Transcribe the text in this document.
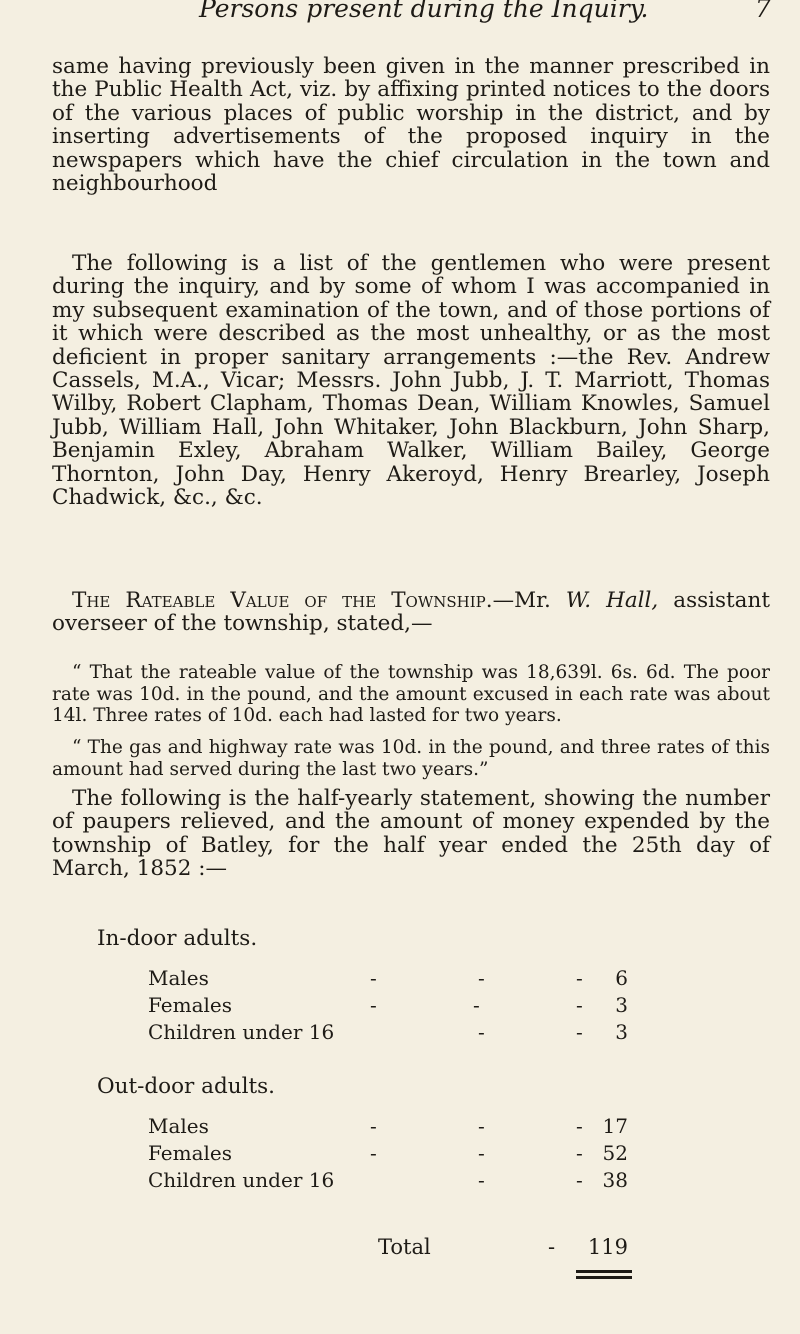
Persons present during the Inquiry.	7

same having previously been given in the manner prescribed in the Public Health Act, viz. by affixing printed notices to the doors of the various places of public worship in the district, and by inserting advertisements of the proposed inquiry in the newspapers which have the chief circulation in the town and neighbourhood

The following is a list of the gentlemen who were present during the inquiry, and by some of whom I was accompanied in my subsequent examination of the town, and of those portions of it which were described as the most unhealthy, or as the most deficient in proper sanitary arrangements :—the Rev. Andrew Cassels, M.A., Vicar; Messrs. John Jubb, J. T. Marriott, Thomas Wilby, Robert Clapham, Thomas Dean, William Knowles, Samuel Jubb, William Hall, John Whitaker, John Blackburn, John Sharp, Benjamin Exley, Abraham Walker, William Bailey, George Thornton, John Day, Henry Akeroyd, Henry Brearley, Joseph Chadwick, &c., &c.

The Rateable Value of the Township.—Mr. W. Hall, assistant overseer of the township, stated,—

“ That the rateable value of the township was 18,639l. 6s. 6d. The poor rate was 10d. in the pound, and the amount excused in each rate was about 14l. Three rates of 10d. each had lasted for two years.

“ The gas and highway rate was 10d. in the pound, and three rates of this amount had served during the last two years.”

The following is the half-yearly statement, showing the number of paupers relieved, and the amount of money expended by the township of Batley, for the half year ended the 25th day of March, 1852 :—

In-door adults.
Males	-	-	- 6
Females	-	-	- 3
Children under 16	-	- 3
Out-door adults.
Males	-	-	- 17
Females	-	-	- 52
Children under 16	-	- 38
Total	- 119
